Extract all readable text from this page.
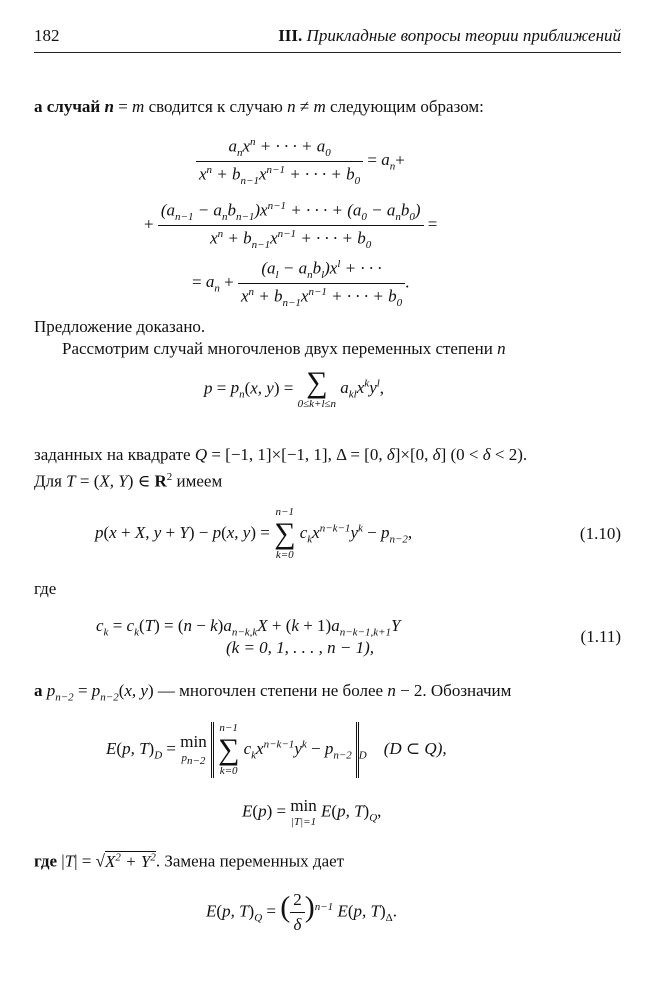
182	III. Прикладные вопросы теории приближений
а случай n = m сводится к случаю n ≠ m следующим образом:
$\frac{a_nx^n + \cdot \cdot \cdot + a_0}{x^n + b_{n-1}x^{n-1} + \cdot \cdot \cdot + b_0} = a_n+$
+ $\frac{(a_{n-1} - a_nb_{n-1})x^{n-1} + \cdot \cdot \cdot + (a_0 - a_nb_0)}{x^n + b_{n-1}x^{n-1} + \cdot \cdot \cdot + b_0}$ =
= $a_n + \frac{(a_l - a_nb_l)x^l + \cdot \cdot \cdot}{x^n + b_{n-1}x^{n-1} + \cdot \cdot \cdot + b_0}$ .
Предложение доказано.
Рассмотрим случай многочленов двух переменных степени n
$p = p_n(x$, y) = ∑
0≤k+l≤n
$a_{kl}x^ky^l$,
заданных на квадрате Q = [−1, 1]×[−1, 1], Δ = [0, δ]×[0, δ] (0 < δ < 2).
Для T = (X, Y) ∈ $R^2$ имеем
p(x + X, y + Y) − p(x, y) =
n−1
∑
k=0
$c_kx^{n-k-1}y^k - p_{n-2}$,	(1.10)
где
$c_k = c_k(T) = (n - k)a_{n-k,k}X + (k + 1)a_{n-k-1,k+1}Y$
(k = 0, 1, . . . , n − 1),
(1.11)
а $p_{n-2} = p_{n-2}(x$, y) — многочлен степени не более n − 2. Обозначим
E(p, $T)_D = \min$
$p_{n-2}$

n−1
∑
k=0
$c_kx^{n-k-1}y^k - p_{n-2}$ $_D$ (D ⊂ Q),
E(p) = min
|T|=1
E(p, $T)_Q$,
где $|T| = √X^2 + Y^2$. Замена переменных дает
E(p, $T)_Q$ = ( $\frac{2}{\delta} )^{n-1}$ E(p, $T)_\Delta$.
